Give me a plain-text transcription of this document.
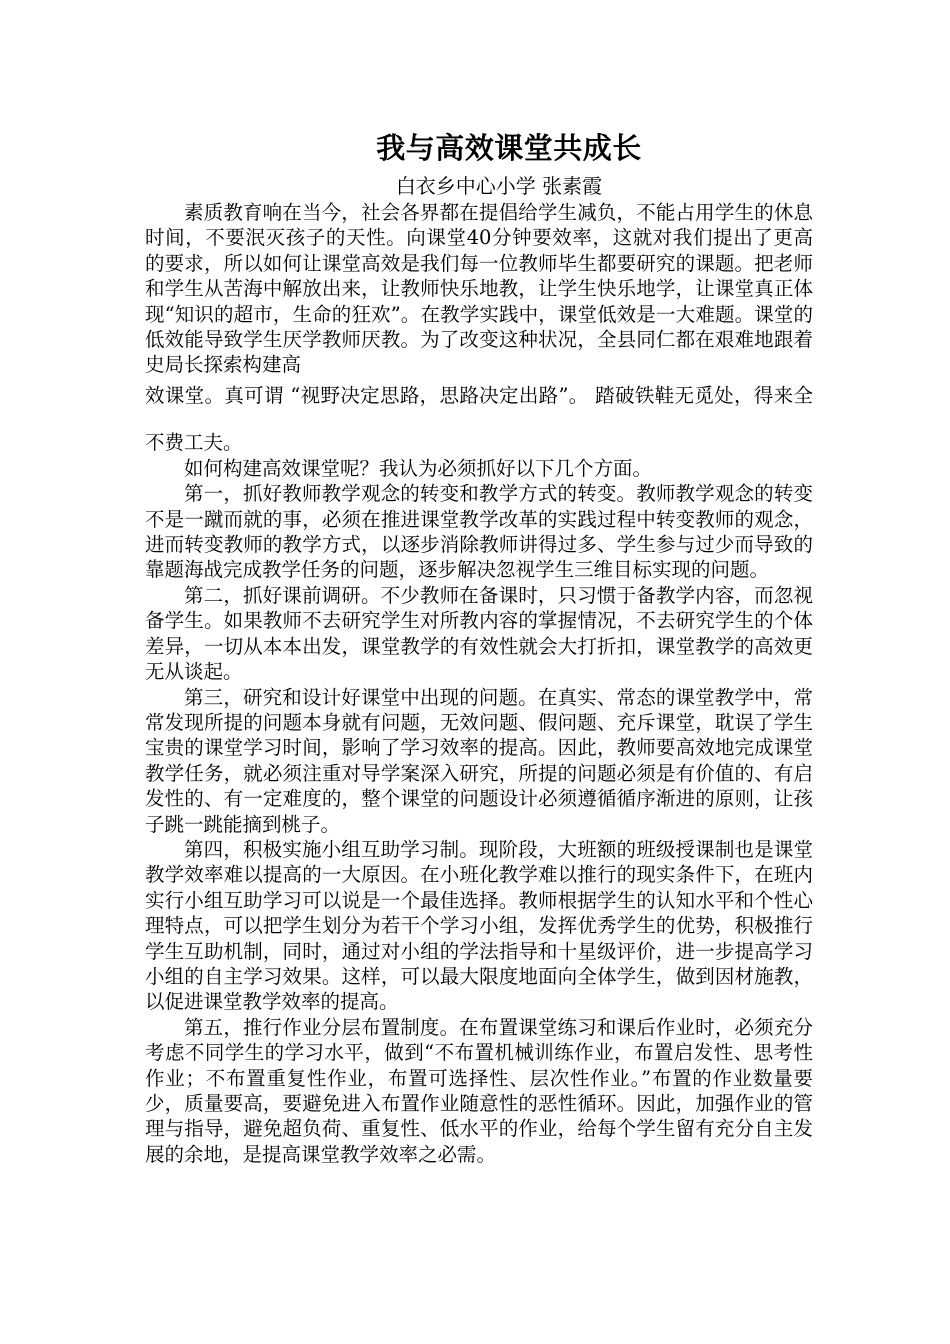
我与高效课堂共成长
白衣乡中心小学 张素霞

素质教育响在当今，社会各界都在提倡给学生减负，不能占用学生的休息时间，不要泯灭孩子的天性。向课堂40分钟要效率，这就对我们提出了更高的要求，所以如何让课堂高效是我们每一位教师毕生都要研究的课题。把老师和学生从苦海中解放出来，让教师快乐地教，让学生快乐地学，让课堂真正体现“知识的超市，生命的狂欢”。在教学实践中，课堂低效是一大难题。课堂的低效能导致学生厌学教师厌教。为了改变这种状况，全县同仁都在艰难地跟着史局长探索构建高

效课堂。真可谓 “视野决定思路，思路决定出路”。 踏破铁鞋无觅处，得来全不费工夫。

如何构建高效课堂呢？我认为必须抓好以下几个方面。

第一，抓好教师教学观念的转变和教学方式的转变。教师教学观念的转变不是一蹴而就的事，必须在推进课堂教学改革的实践过程中转变教师的观念，进而转变教师的教学方式，以逐步消除教师讲得过多、学生参与过少而导致的靠题海战完成教学任务的问题，逐步解决忽视学生三维目标实现的问题。

第二，抓好课前调研。不少教师在备课时，只习惯于备教学内容，而忽视备学生。如果教师不去研究学生对所教内容的掌握情况，不去研究学生的个体差异，一切从本本出发，课堂教学的有效性就会大打折扣，课堂教学的高效更无从谈起。

第三，研究和设计好课堂中出现的问题。在真实、常态的课堂教学中，常常发现所提的问题本身就有问题，无效问题、假问题、充斥课堂，耽误了学生宝贵的课堂学习时间，影响了学习效率的提高。因此，教师要高效地完成课堂教学任务，就必须注重对导学案深入研究，所提的问题必须是有价值的、有启发性的、有一定难度的，整个课堂的问题设计必须遵循循序渐进的原则，让孩子跳一跳能摘到桃子。

第四，积极实施小组互助学习制。现阶段，大班额的班级授课制也是课堂教学效率难以提高的一大原因。在小班化教学难以推行的现实条件下，在班内实行小组互助学习可以说是一个最佳选择。教师根据学生的认知水平和个性心理特点，可以把学生划分为若干个学习小组，发挥优秀学生的优势，积极推行学生互助机制，同时，通过对小组的学法指导和十星级评价，进一步提高学习小组的自主学习效果。这样，可以最大限度地面向全体学生，做到因材施教，以促进课堂教学效率的提高。

第五，推行作业分层布置制度。在布置课堂练习和课后作业时，必须充分考虑不同学生的学习水平，做到“不布置机械训练作业，布置启发性、思考性作业；不布置重复性作业，布置可选择性、层次性作业。”布置的作业数量要少，质量要高，要避免进入布置作业随意性的恶性循环。因此，加强作业的管理与指导，避免超负荷、重复性、低水平的作业，给每个学生留有充分自主发展的余地，是提高课堂教学效率之必需。
